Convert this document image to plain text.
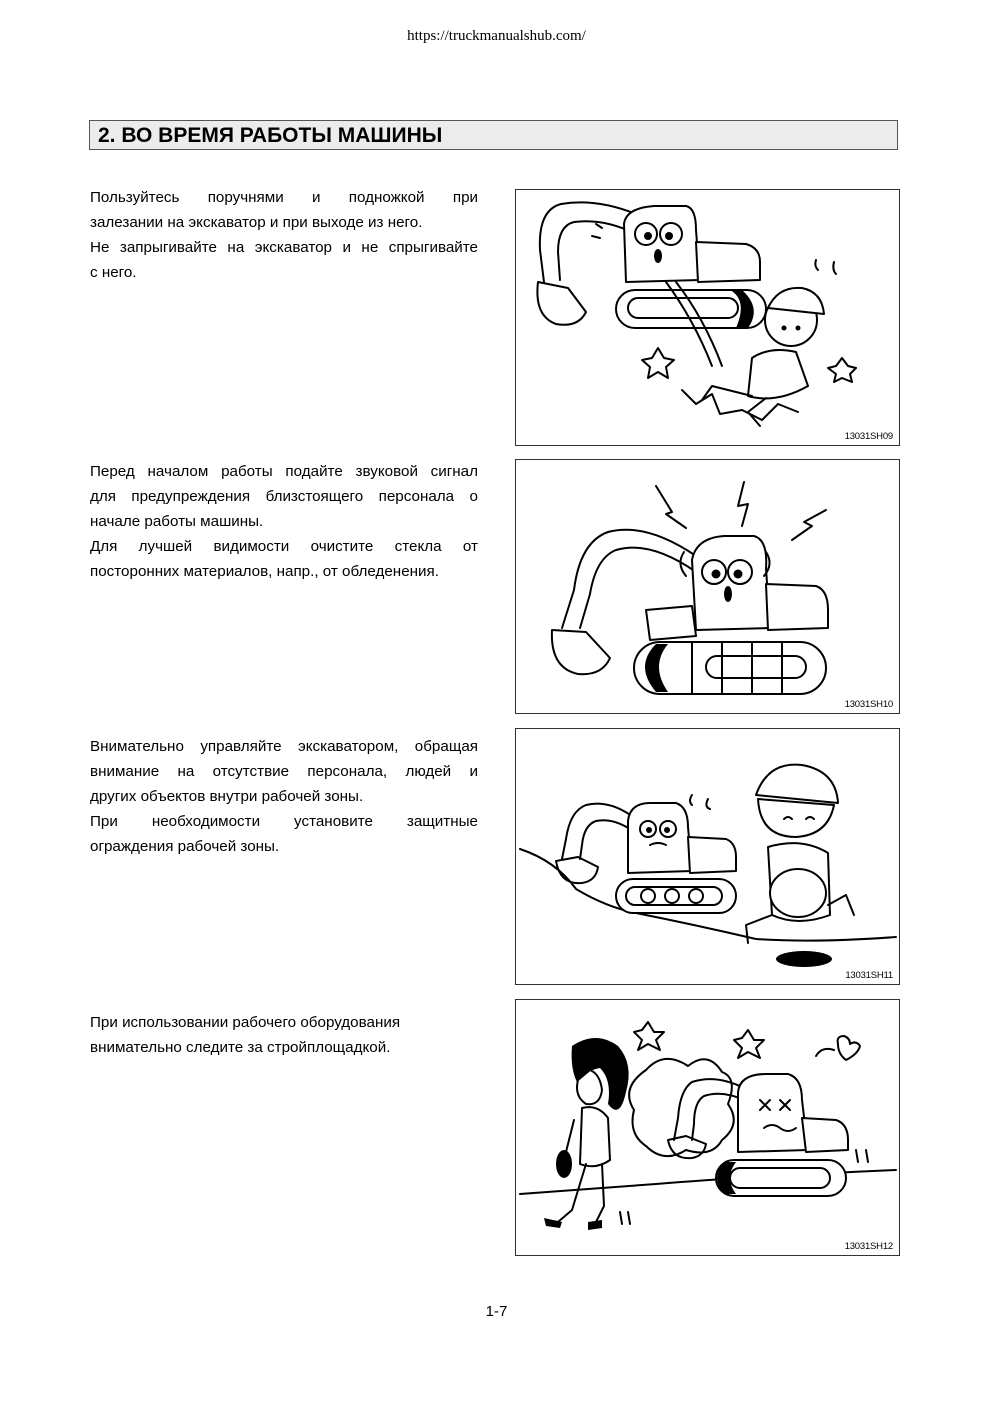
https://truckmanualshub.com/
2. ВО ВРЕМЯ РАБОТЫ МАШИНЫ

Пользуйтесь поручнями и подножкой при

залезании на экскаватор и при выходе из него.

Не запрыгивайте на экскаватор и не спрыгивайте

с него.

13031SH09

Перед началом работы подайте звуковой сигнал

для предупреждения близстоящего персонала о

начале работы машины.

Для лучшей видимости очистите стекла от

посторонних материалов, напр., от обледенения.

13031SH10

Внимательно управляйте экскаватором, обращая

внимание на отсутствие персонала, людей и

других объектов внутри рабочей зоны.

При необходимости установите защитные

ограждения рабочей зоны.

13031SH11

При использовании рабочего оборудования

внимательно следите за стройплощадкой.

13031SH12
1-7
